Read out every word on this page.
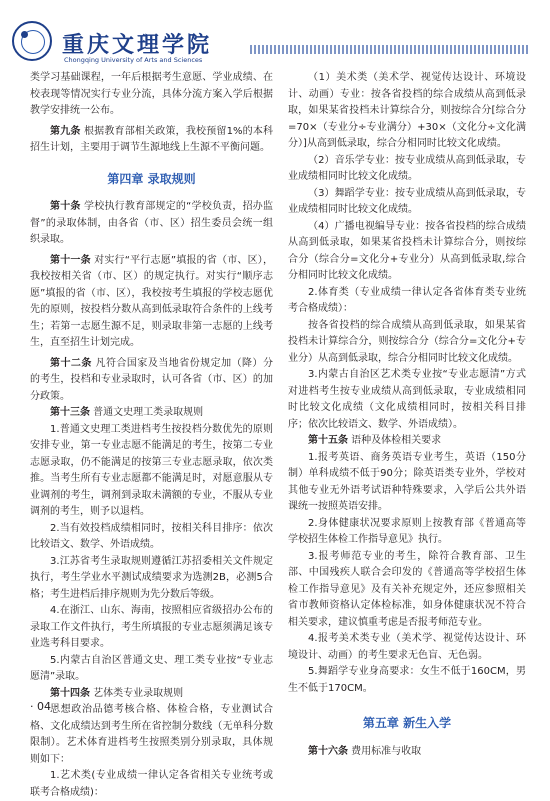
重庆文理学院
Chongqing University of Arts and Sciences

类学习基础课程，一年后根据考生意愿、学业成绩、在校表现等情况实行专业分流，具体分流方案入学后根据教学安排统一公布。

第九条 根据教育部相关政策，我校预留1%的本科招生计划，主要用于调节生源地线上生源不平衡问题。

第四章 录取规则

第十条 学校执行教育部规定的“学校负责，招办监督”的录取体制，由各省（市、区）招生委员会统一组织录取。

第十一条 对实行“平行志愿”填报的省（市、区），我校按相关省（市、区）的规定执行。对实行“顺序志愿”填报的省（市、区），我校按考生填报的学校志愿优先的原则，按投档分数从高到低录取符合条件的上线考生；若第一志愿生源不足，则录取非第一志愿的上线考生，直至招生计划完成。

第十二条 凡符合国家及当地省份规定加（降）分的考生，投档和专业录取时，认可各省（市、区）的加分政策。

第十三条 普通文史理工类录取规则

1.普通文史理工类进档考生按投档分数优先的原则安排专业，第一专业志愿不能满足的考生，按第二专业志愿录取，仍不能满足的按第三专业志愿录取，依次类推。当考生所有专业志愿都不能满足时，对愿意服从专业调剂的考生，调剂到录取未满额的专业，不服从专业调剂的考生，则予以退档。

2.当有效投档成绩相同时，按相关科目排序：依次比较语文、数学、外语成绩。

3.江苏省考生录取规则遵循江苏招委相关文件规定执行，考生学业水平测试成绩要求为选测2B，必测5合格；考生进档后排序规则为先分数后等级。

4.在浙江、山东、海南，按照相应省级招办公布的录取工作文件执行，考生所填报的专业志愿须满足该专业选考科目要求。

5.内蒙古自治区普通文史、理工类专业按“专业志愿清”录取。

第十四条 艺体类专业录取规则

思想政治品德考核合格、体检合格，专业测试合格、文化成绩达到考生所在省控制分数线（无单科分数限制）。艺术体育进档考生按照类别分别录取，具体规则如下：

1.艺术类(专业成绩一律认定各省相关专业统考或联考合格成绩)：

（1）美术类（美术学、视觉传达设计、环境设计、动画）专业：按各省投档的综合成绩从高到低录取，如果某省投档未计算综合分，则按综合分[综合分=70×（专业分÷专业满分）+30×（文化分÷文化满分）]从高到低录取，综合分相同时比较文化成绩。

（2）音乐学专业：按专业成绩从高到低录取，专业成绩相同时比较文化成绩。

（3）舞蹈学专业：按专业成绩从高到低录取，专业成绩相同时比较文化成绩。

（4）广播电视编导专业：按各省投档的综合成绩从高到低录取，如果某省投档未计算综合分，则按综合分（综合分=文化分+专业分）从高到低录取,综合分相同时比较文化成绩。

2.体育类（专业成绩一律认定各省体育类专业统考合格成绩）：

按各省投档的综合成绩从高到低录取，如果某省投档未计算综合分，则按综合分（综合分=文化分+专业分）从高到低录取，综合分相同时比较文化成绩。

3.内蒙古自治区艺术类专业按“专业志愿清”方式对进档考生按专业成绩从高到低录取，专业成绩相同时比较文化成绩（文化成绩相同时，按相关科目排序；依次比较语文、数学、外语成绩）。

第十五条 语种及体检相关要求

1.报考英语、商务英语专业考生，英语（150分制）单科成绩不低于90分；除英语类专业外，学校对其他专业无外语考试语种特殊要求，入学后公共外语课统一按照英语安排。

2.身体健康状况要求原则上按教育部《普通高等学校招生体检工作指导意见》执行。

3.报考师范专业的考生，除符合教育部、卫生部、中国残疾人联合会印发的《普通高等学校招生体检工作指导意见》及有关补充规定外，还应参照相关省市教师资格认定体检标准，如身体健康状况不符合相关要求，建议慎重考虑是否报考师范专业。

4.报考美术类专业（美术学、视觉传达设计、环境设计、动画）的考生要求无色盲、无色弱。

5.舞蹈学专业身高要求：女生不低于160CM，男生不低于170CM。

第五章 新生入学

第十六条 费用标准与收取

· 04 ·
